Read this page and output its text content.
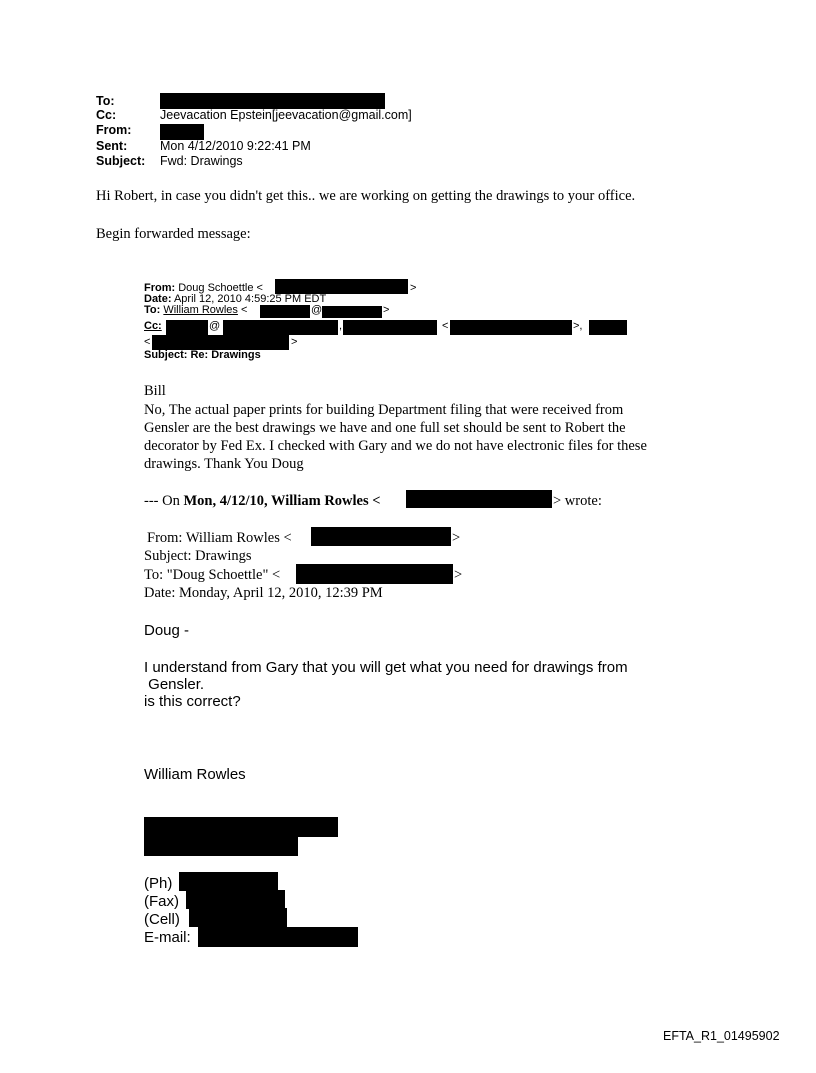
To:
Cc:	Jeevacation Epstein[jeevacation@gmail.com]
From:
Sent:	Mon 4/12/2010 9:22:41 PM
Subject: Fwd: Drawings
Hi Robert, in case you didn't get this.. we are working on getting the drawings to your office.
Begin forwarded message:
From: Doug Schoettle <	>
Date: April 12, 2010 4:59:25 PM EDT
To: William Rowles <	@	>
Cc:	@	,	<	>,
<	>
Subject: Re: Drawings
Bill
No, The actual paper prints for building Department filing that were received from
Gensler are the best drawings we have and one full set should be sent to Robert the
decorator by Fed Ex. I checked with Gary and we do not have electronic files for these
drawings. Thank You Doug
--- On Mon, 4/12/10, William Rowles <	> wrote:
From: William Rowles <	>
Subject: Drawings
To: "Doug Schoettle" <	>
Date: Monday, April 12, 2010, 12:39 PM
Doug -
I understand from Gary that you will get what you need for drawings from
Gensler.
is this correct?
William Rowles
(Ph)
(Fax)
(Cell)
E-mail:
EFTA_R1_01495902
